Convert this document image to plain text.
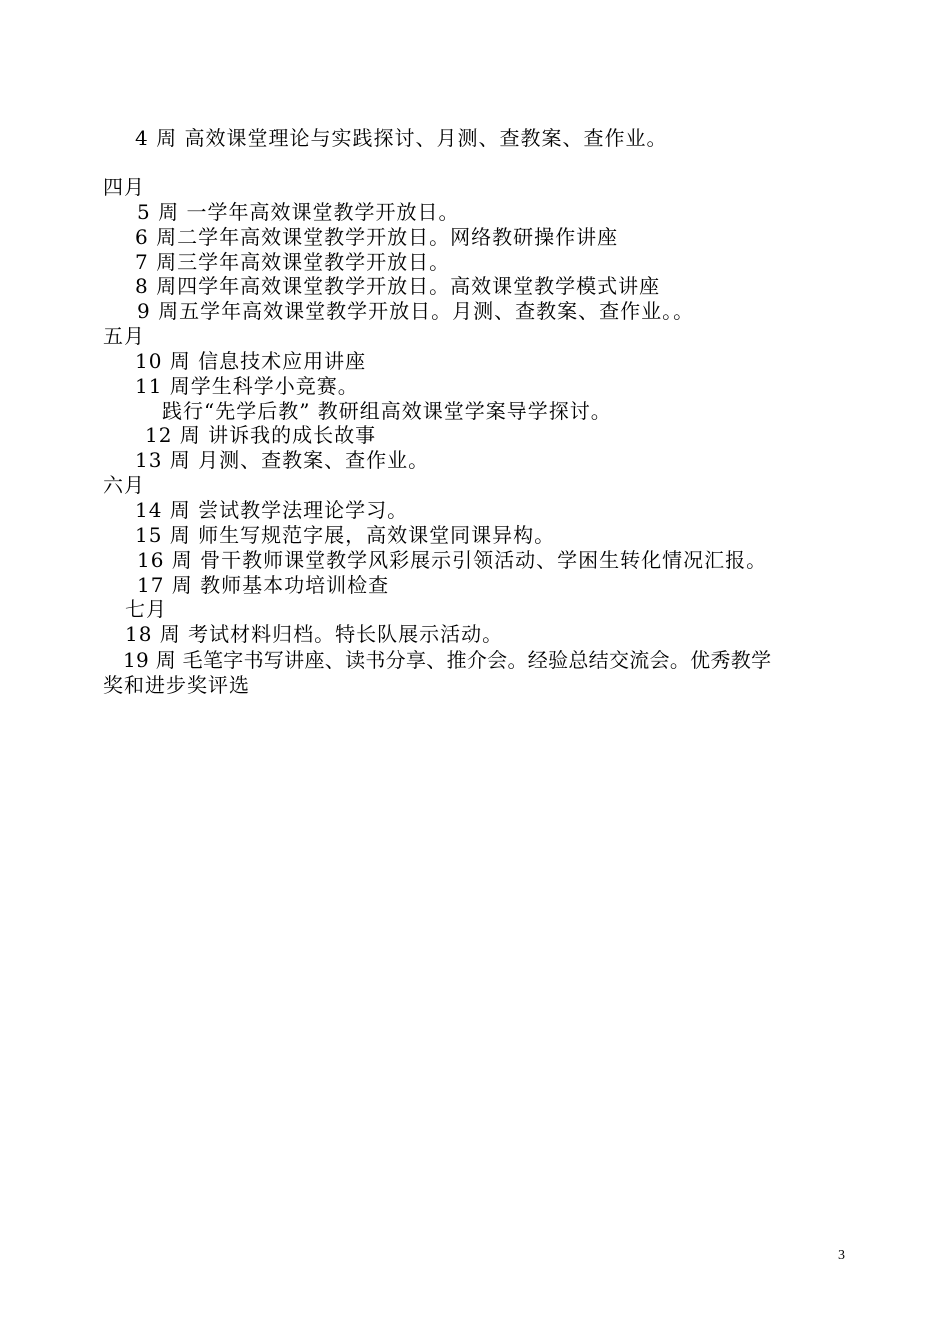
4 周 高效课堂理论与实践探讨、月测、查教案、查作业。
四月
5 周 一学年高效课堂教学开放日。
6 周二学年高效课堂教学开放日。网络教研操作讲座
7 周三学年高效课堂教学开放日。
8 周四学年高效课堂教学开放日。高效课堂教学模式讲座
9 周五学年高效课堂教学开放日。月测、查教案、查作业。。
五月
10 周 信息技术应用讲座
11 周学生科学小竞赛。
践行“先学后教” 教研组高效课堂学案导学探讨。
12 周 讲诉我的成长故事
13 周 月测、查教案、查作业。
六月
14 周 尝试教学法理论学习。
15 周 师生写规范字展，高效课堂同课异构。
16 周 骨干教师课堂教学风彩展示引领活动、学困生转化情况汇报。
17 周 教师基本功培训检查
七月
18 周 考试材料归档。特长队展示活动。
19 周 毛笔字书写讲座、读书分享、推介会。经验总结交流会。优秀教学
奖和进步奖评选
3
